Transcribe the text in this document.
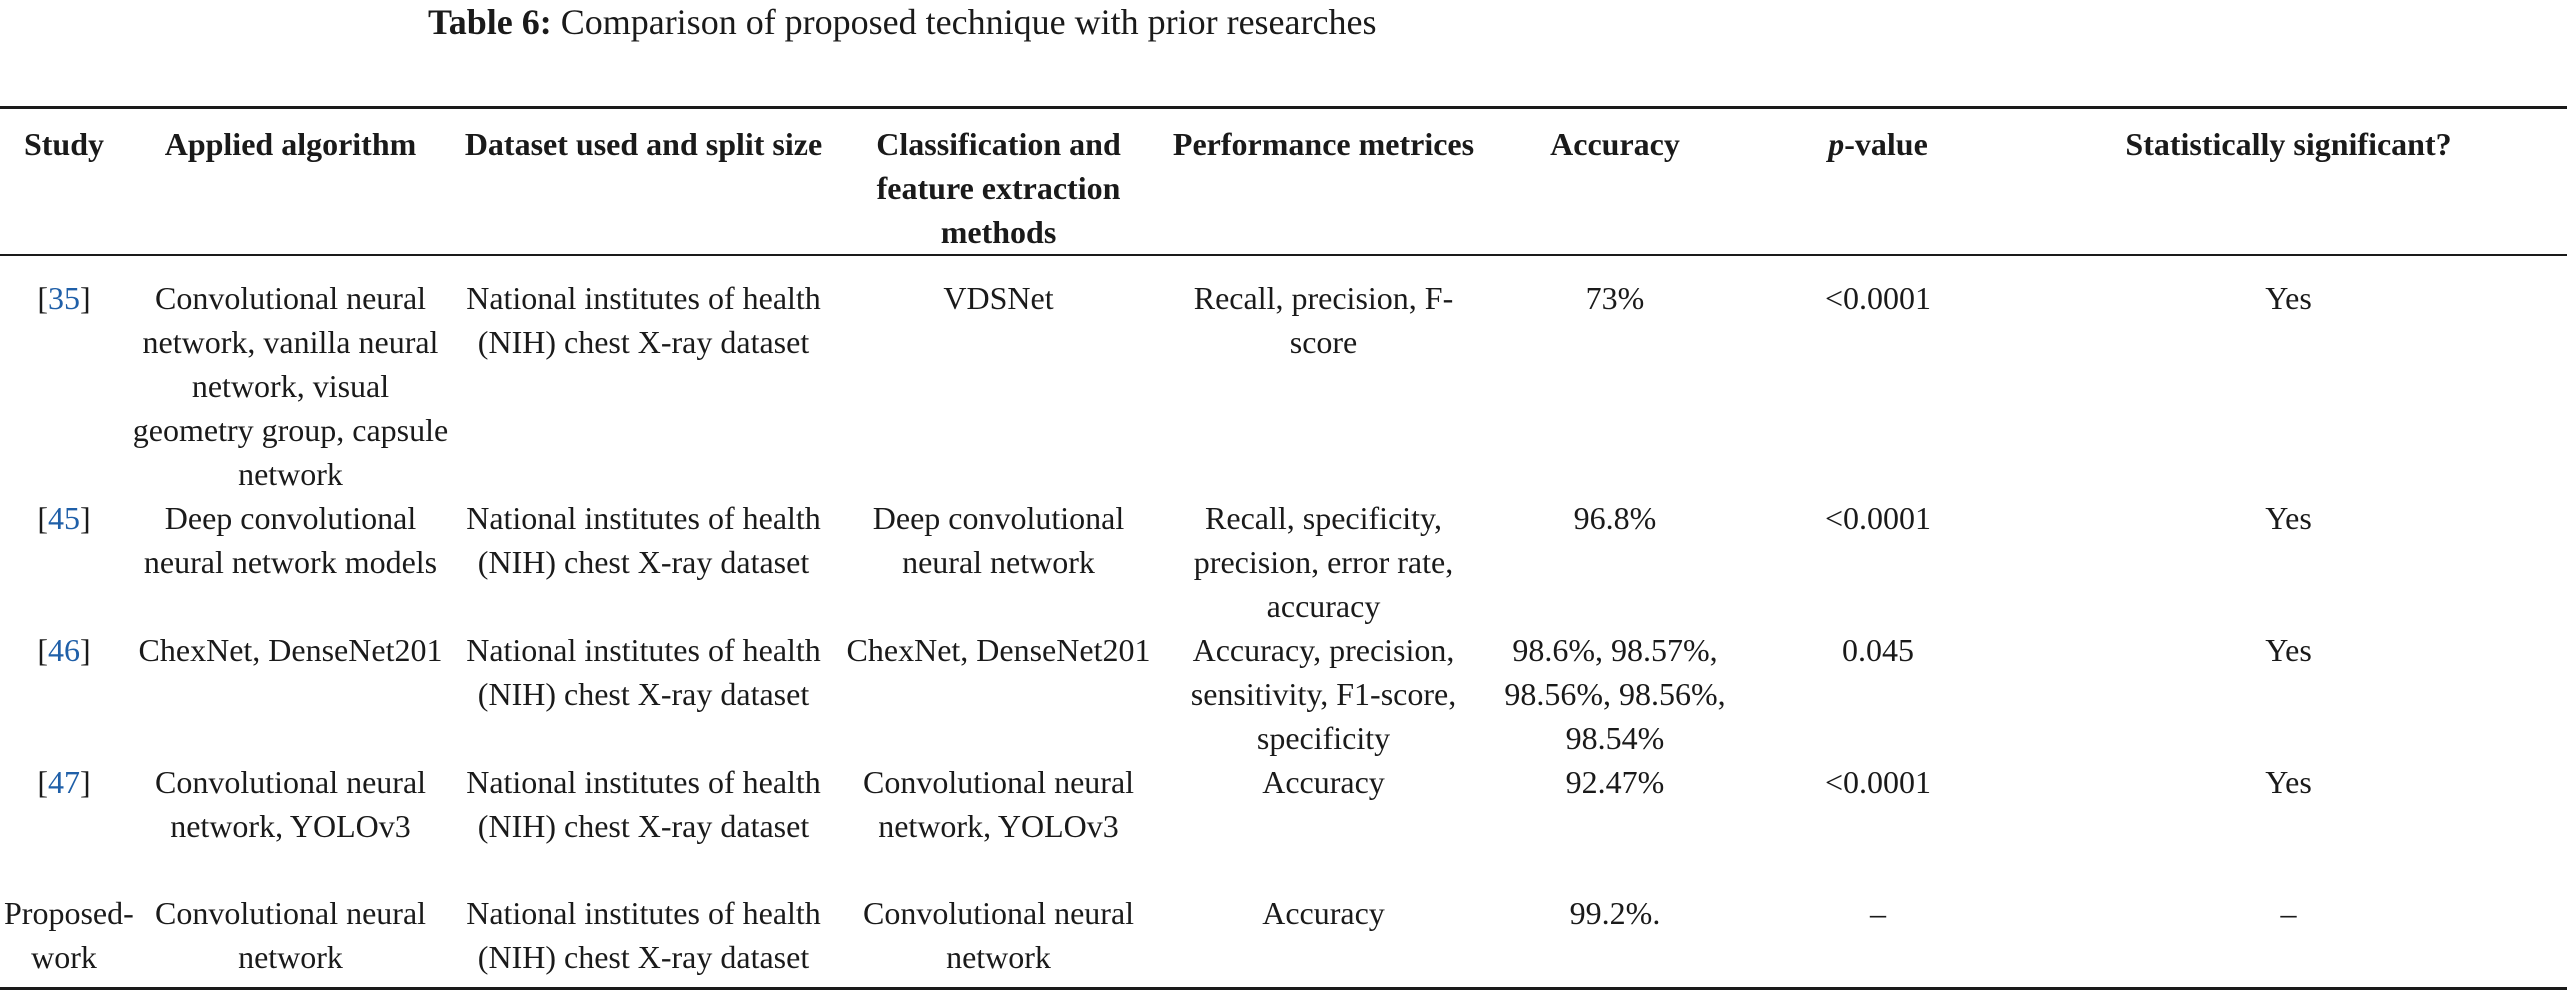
Table 6: Comparison of proposed technique with prior researches
Study	Applied algorithm	Dataset used and split size	Classification and feature extraction methods	Performance metrices	Accuracy	p-value	Statistically significant?
[35]	Convolutional neural network, vanilla neural network, visual geometry group, capsule network	National institutes of health (NIH) chest X-ray dataset	VDSNet	Recall, precision, F-score	73%	<0.0001	Yes
[45]	Deep convolutional neural network models	National institutes of health (NIH) chest X-ray dataset	Deep convolutional neural network	Recall, specificity, precision, error rate, accuracy	96.8%	<0.0001	Yes
[46]	ChexNet, DenseNet201	National institutes of health (NIH) chest X-ray dataset	ChexNet, DenseNet201	Accuracy, precision, sensitivity, F1-score, specificity	98.6%, 98.57%, 98.56%, 98.56%, 98.54%	0.045	Yes
[47]	Convolutional neural network, YOLOv3	National institutes of health (NIH) chest X-ray dataset	Convolutional neural network, YOLOv3	Accuracy	92.47%	<0.0001	Yes
Proposed-work	Convolutional neural network	National institutes of health (NIH) chest X-ray dataset	Convolutional neural network	Accuracy	99.2%.	–	–
